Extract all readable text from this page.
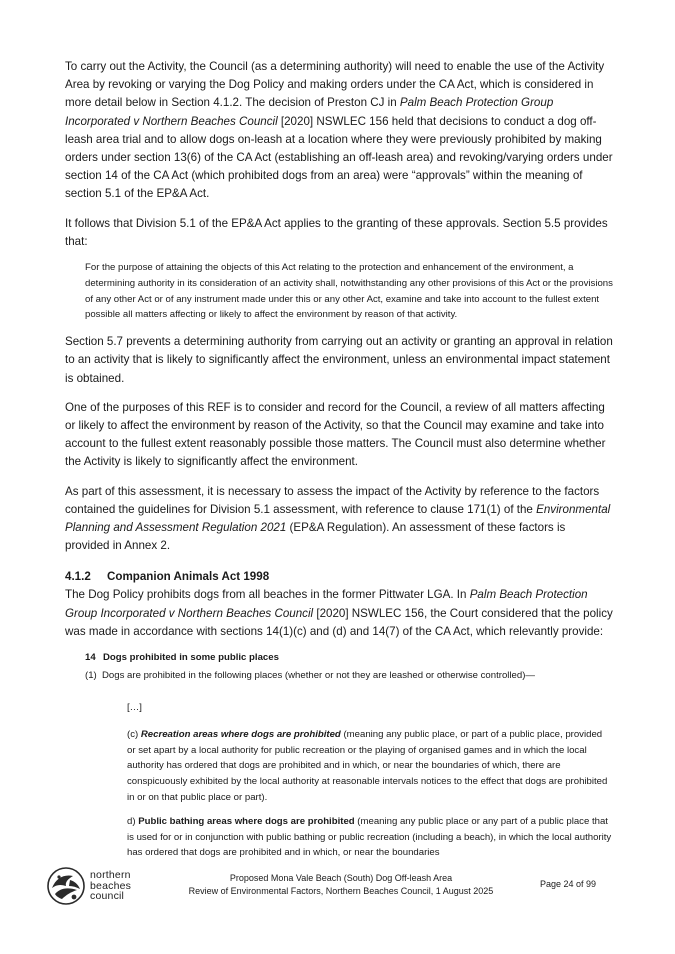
To carry out the Activity, the Council (as a determining authority) will need to enable the use of the Activity Area by revoking or varying the Dog Policy and making orders under the CA Act, which is considered in more detail below in Section 4.1.2. The decision of Preston CJ in Palm Beach Protection Group Incorporated v Northern Beaches Council [2020] NSWLEC 156 held that decisions to conduct a dog off-leash area trial and to allow dogs on-leash at a location where they were previously prohibited by making orders under section 13(6) of the CA Act (establishing an off-leash area) and revoking/varying orders under section 14 of the CA Act (which prohibited dogs from an area) were “approvals” within the meaning of section 5.1 of the EP&A Act.

It follows that Division 5.1 of the EP&A Act applies to the granting of these approvals. Section 5.5 provides that:

For the purpose of attaining the objects of this Act relating to the protection and enhancement of the environment, a determining authority in its consideration of an activity shall, notwithstanding any other provisions of this Act or the provisions of any other Act or of any instrument made under this or any other Act, examine and take into account to the fullest extent possible all matters affecting or likely to affect the environment by reason of that activity.

Section 5.7 prevents a determining authority from carrying out an activity or granting an approval in relation to an activity that is likely to significantly affect the environment, unless an environmental impact statement is obtained.

One of the purposes of this REF is to consider and record for the Council, a review of all matters affecting or likely to affect the environment by reason of the Activity, so that the Council may examine and take into account to the fullest extent reasonably possible those matters. The Council must also determine whether the Activity is likely to significantly affect the environment.

As part of this assessment, it is necessary to assess the impact of the Activity by reference to the factors contained the guidelines for Division 5.1 assessment, with reference to clause 171(1) of the Environmental Planning and Assessment Regulation 2021 (EP&A Regulation). An assessment of these factors is provided in Annex 2.

4.1.2 Companion Animals Act 1998

The Dog Policy prohibits dogs from all beaches in the former Pittwater LGA. In Palm Beach Protection Group Incorporated v Northern Beaches Council [2020] NSWLEC 156, the Court considered that the policy was made in accordance with sections 14(1)(c) and (d) and 14(7) of the CA Act, which relevantly provide:

14 Dogs prohibited in some public places

(1) Dogs are prohibited in the following places (whether or not they are leashed or otherwise controlled)—

[…]

(c) Recreation areas where dogs are prohibited (meaning any public place, or part of a public place, provided or set apart by a local authority for public recreation or the playing of organised games and in which the local authority has ordered that dogs are prohibited and in which, or near the boundaries of which, there are conspicuously exhibited by the local authority at reasonable intervals notices to the effect that dogs are prohibited in or on that public place or part).

d) Public bathing areas where dogs are prohibited (meaning any public place or any part of a public place that is used for or in conjunction with public bathing or public recreation (including a beach), in which the local authority has ordered that dogs are prohibited and in which, or near the boundaries

northern beaches council
Proposed Mona Vale Beach (South) Dog Off-leash Area
Review of Environmental Factors, Northern Beaches Council, 1 August 2025
Page 24 of 99
